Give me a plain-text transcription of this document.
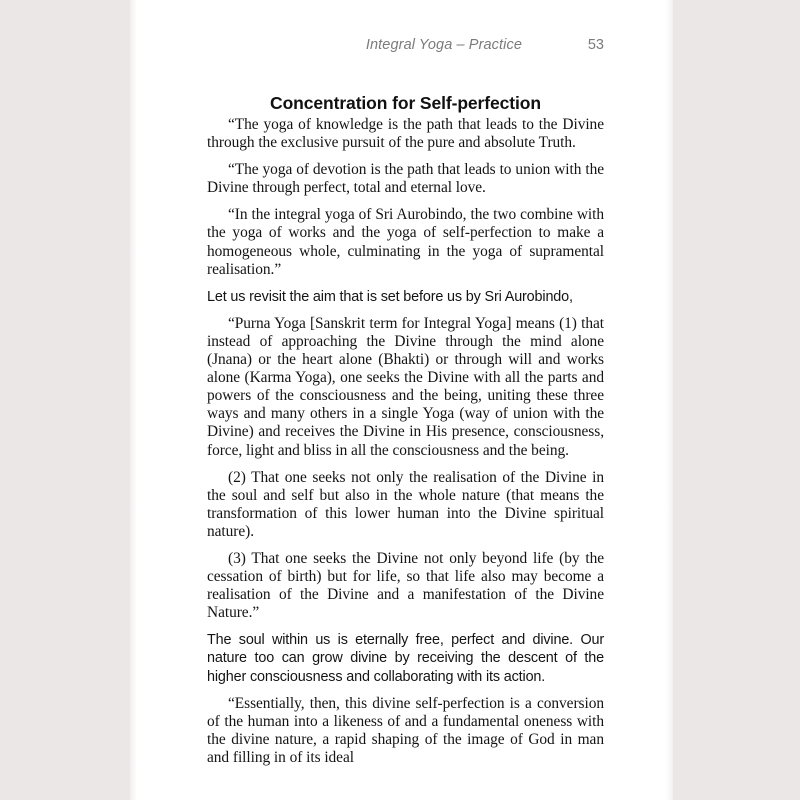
Integral Yoga – Practice	53
Concentration for Self-perfection

“The yoga of knowledge is the path that leads to the Divine through the exclusive pursuit of the pure and absolute Truth.

“The yoga of devotion is the path that leads to union with the Divine through perfect, total and eternal love.

“In the integral yoga of Sri Aurobindo, the two combine with the yoga of works and the yoga of self-perfection to make a homogeneous whole, culminating in the yoga of supramental realisation.”

Let us revisit the aim that is set before us by Sri Aurobindo,

“Purna Yoga [Sanskrit term for Integral Yoga] means (1) that instead of approaching the Divine through the mind alone (Jnana) or the heart alone (Bhakti) or through will and works alone (Karma Yoga), one seeks the Divine with all the parts and powers of the consciousness and the being, uniting these three ways and many others in a single Yoga (way of union with the Divine) and receives the Divine in His presence, consciousness, force, light and bliss in all the consciousness and the being.

(2) That one seeks not only the realisation of the Divine in the soul and self but also in the whole nature (that means the transformation of this lower human into the Divine spiritual nature).

(3) That one seeks the Divine not only beyond life (by the cessation of birth) but for life, so that life also may become a realisation of the Divine and a manifestation of the Divine Nature.”

The soul within us is eternally free, perfect and divine. Our nature too can grow divine by receiving the descent of the higher consciousness and collaborating with its action.

“Essentially, then, this divine self-perfection is a conversion of the human into a likeness of and a fundamental oneness with the divine nature, a rapid shaping of the image of God in man and filling in of its ideal
